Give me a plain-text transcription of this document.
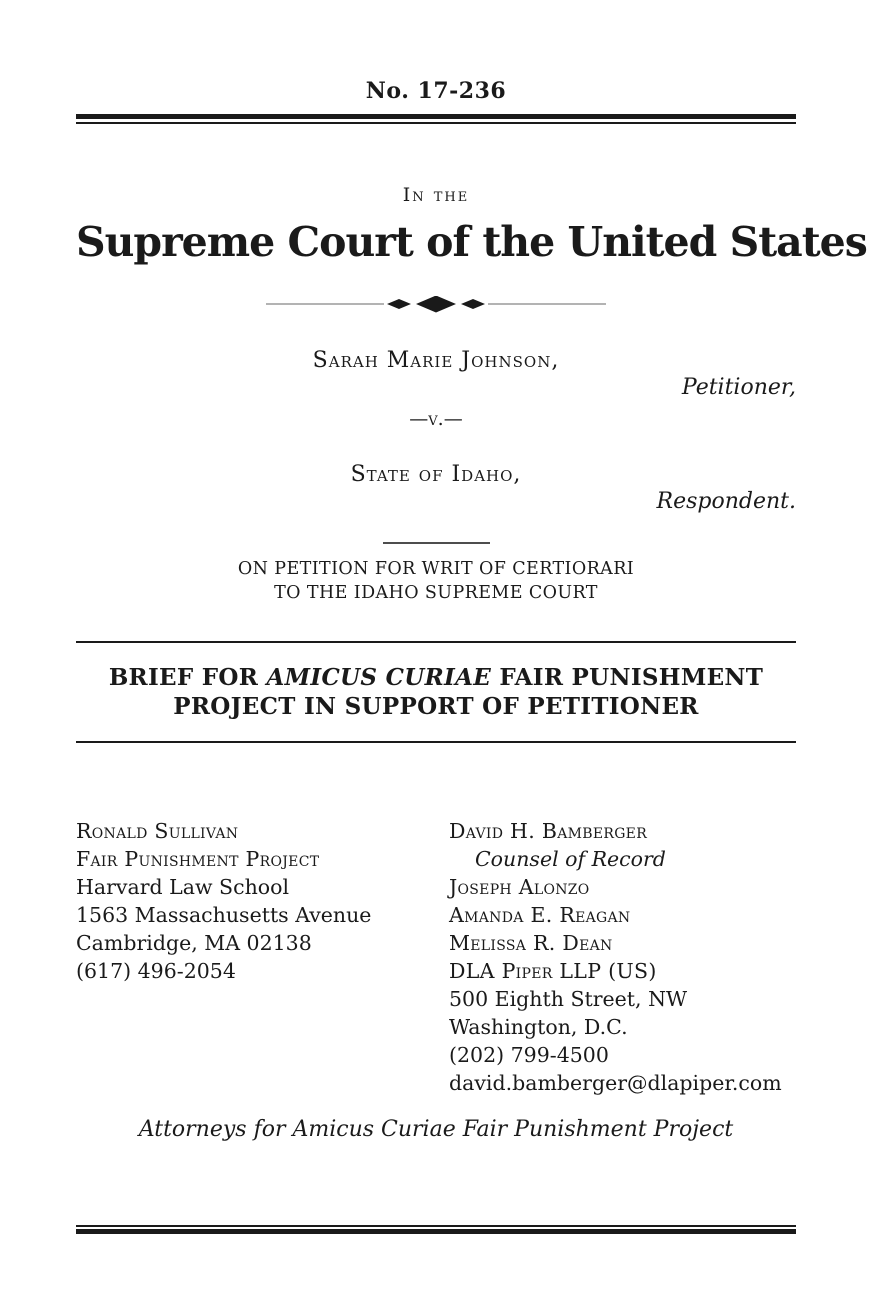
No. 17-236
In the
Supreme Court of the United States
Sarah Marie Johnson,
Petitioner,
—v.—
State of Idaho,
Respondent.
ON PETITION FOR WRIT OF CERTIORARI
TO THE IDAHO SUPREME COURT
BRIEF FOR AMICUS CURIAE FAIR PUNISHMENT
PROJECT IN SUPPORT OF PETITIONER
Ronald Sullivan
Fair Punishment Project
Harvard Law School
1563 Massachusetts Avenue
Cambridge, MA 02138
(617) 496-2054
David H. Bamberger
Counsel of Record
Joseph Alonzo
Amanda E. Reagan
Melissa R. Dean
DLA Piper LLP (US)
500 Eighth Street, NW
Washington, D.C.
(202) 799-4500
david.bamberger@dlapiper.com
Attorneys for Amicus Curiae Fair Punishment Project
